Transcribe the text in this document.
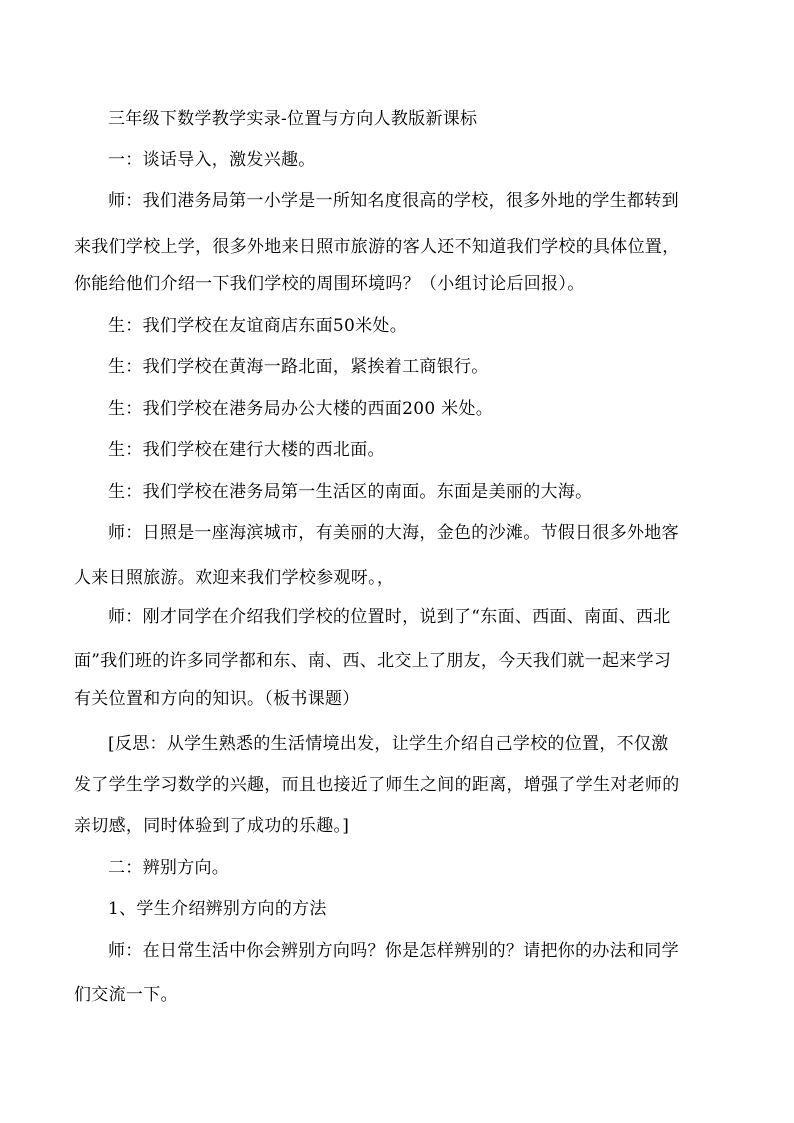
三年级下数学教学实录-位置与方向人教版新课标
一：谈话导入，激发兴趣。
师：我们港务局第一小学是一所知名度很高的学校，很多外地的学生都转到
来我们学校上学，很多外地来日照市旅游的客人还不知道我们学校的具体位置，
你能给他们介绍一下我们学校的周围环境吗？（小组讨论后回报）。
生：我们学校在友谊商店东面50米处。
生：我们学校在黄海一路北面，紧挨着工商银行。
生：我们学校在港务局办公大楼的西面200 米处。
生：我们学校在建行大楼的西北面。
生：我们学校在港务局第一生活区的南面。东面是美丽的大海。
师：日照是一座海滨城市，有美丽的大海，金色的沙滩。节假日很多外地客
人来日照旅游。欢迎来我们学校参观呀。，
师：刚才同学在介绍我们学校的位置时，说到了“东面、西面、南面、西北
面”我们班的许多同学都和东、南、西、北交上了朋友，今天我们就一起来学习
有关位置和方向的知识。（板书课题）
[反思：从学生熟悉的生活情境出发，让学生介绍自己学校的位置，不仅激
发了学生学习数学的兴趣，而且也接近了师生之间的距离，增强了学生对老师的
亲切感，同时体验到了成功的乐趣。]
二：辨别方向。
1、学生介绍辨别方向的方法
师：在日常生活中你会辨别方向吗？你是怎样辨别的？请把你的办法和同学
们交流一下。
